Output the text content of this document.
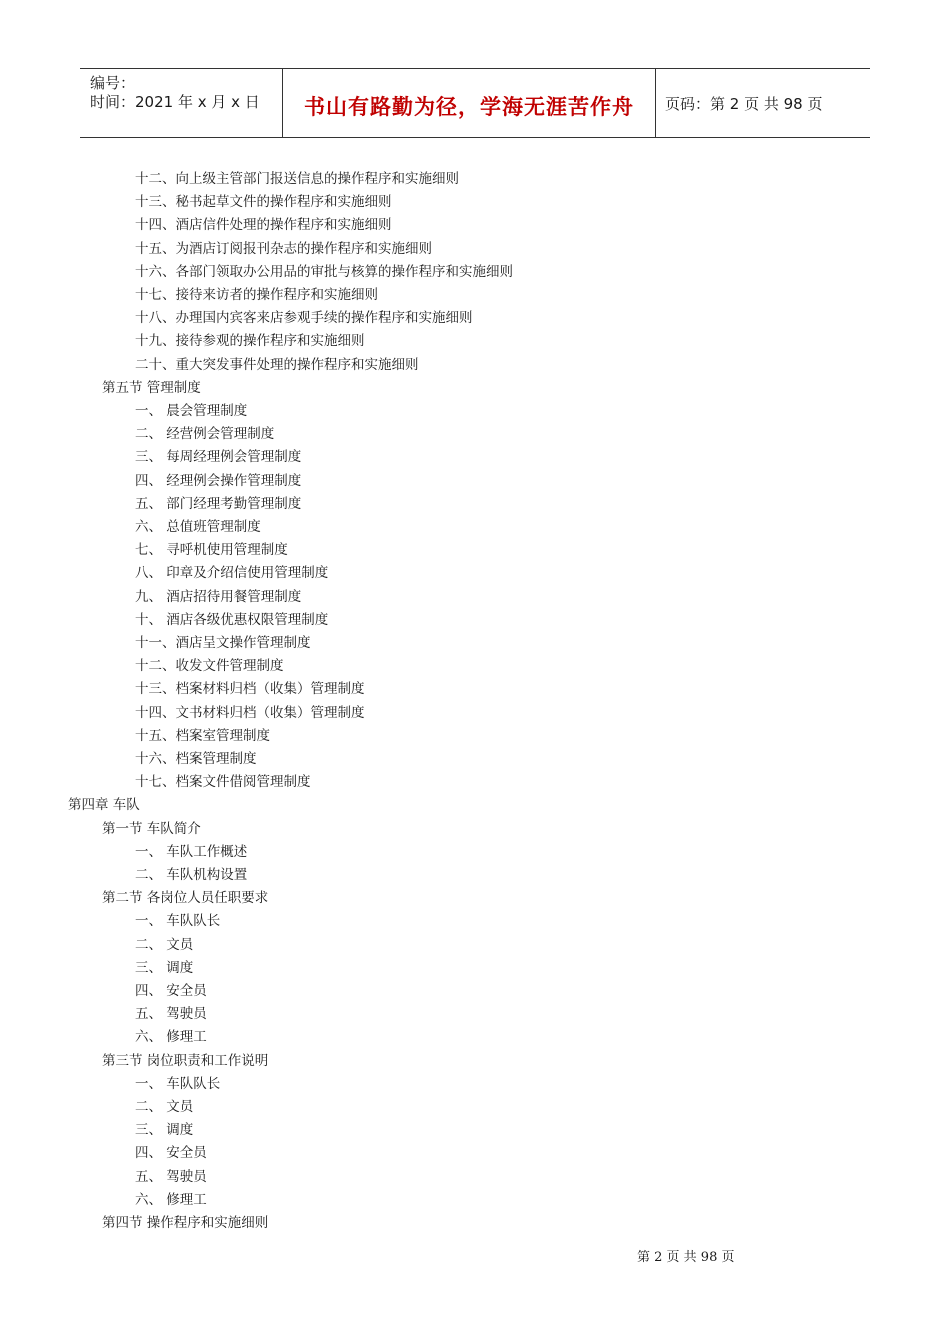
编号：
时间：2021 年 x 月 x 日	书山有路勤为径，学海无涯苦作舟	页码：第 2 页 共 98 页
十二、向上级主管部门报送信息的操作程序和实施细则
十三、秘书起草文件的操作程序和实施细则
十四、酒店信件处理的操作程序和实施细则
十五、为酒店订阅报刊杂志的操作程序和实施细则
十六、各部门领取办公用品的审批与核算的操作程序和实施细则
十七、接待来访者的操作程序和实施细则
十八、办理国内宾客来店参观手续的操作程序和实施细则
十九、接待参观的操作程序和实施细则
二十、重大突发事件处理的操作程序和实施细则
第五节 管理制度
一、 晨会管理制度
二、 经营例会管理制度
三、 每周经理例会管理制度
四、 经理例会操作管理制度
五、 部门经理考勤管理制度
六、 总值班管理制度
七、 寻呼机使用管理制度
八、 印章及介绍信使用管理制度
九、 酒店招待用餐管理制度
十、 酒店各级优惠权限管理制度
十一、酒店呈文操作管理制度
十二、收发文件管理制度
十三、档案材料归档（收集）管理制度
十四、文书材料归档（收集）管理制度
十五、档案室管理制度
十六、档案管理制度
十七、档案文件借阅管理制度
第四章 车队
第一节 车队简介
一、 车队工作概述
二、 车队机构设置
第二节 各岗位人员任职要求
一、 车队队长
二、 文员
三、 调度
四、 安全员
五、 驾驶员
六、 修理工
第三节 岗位职责和工作说明
一、 车队队长
二、 文员
三、 调度
四、 安全员
五、 驾驶员
六、 修理工
第四节 操作程序和实施细则
第 2 页 共 98 页
